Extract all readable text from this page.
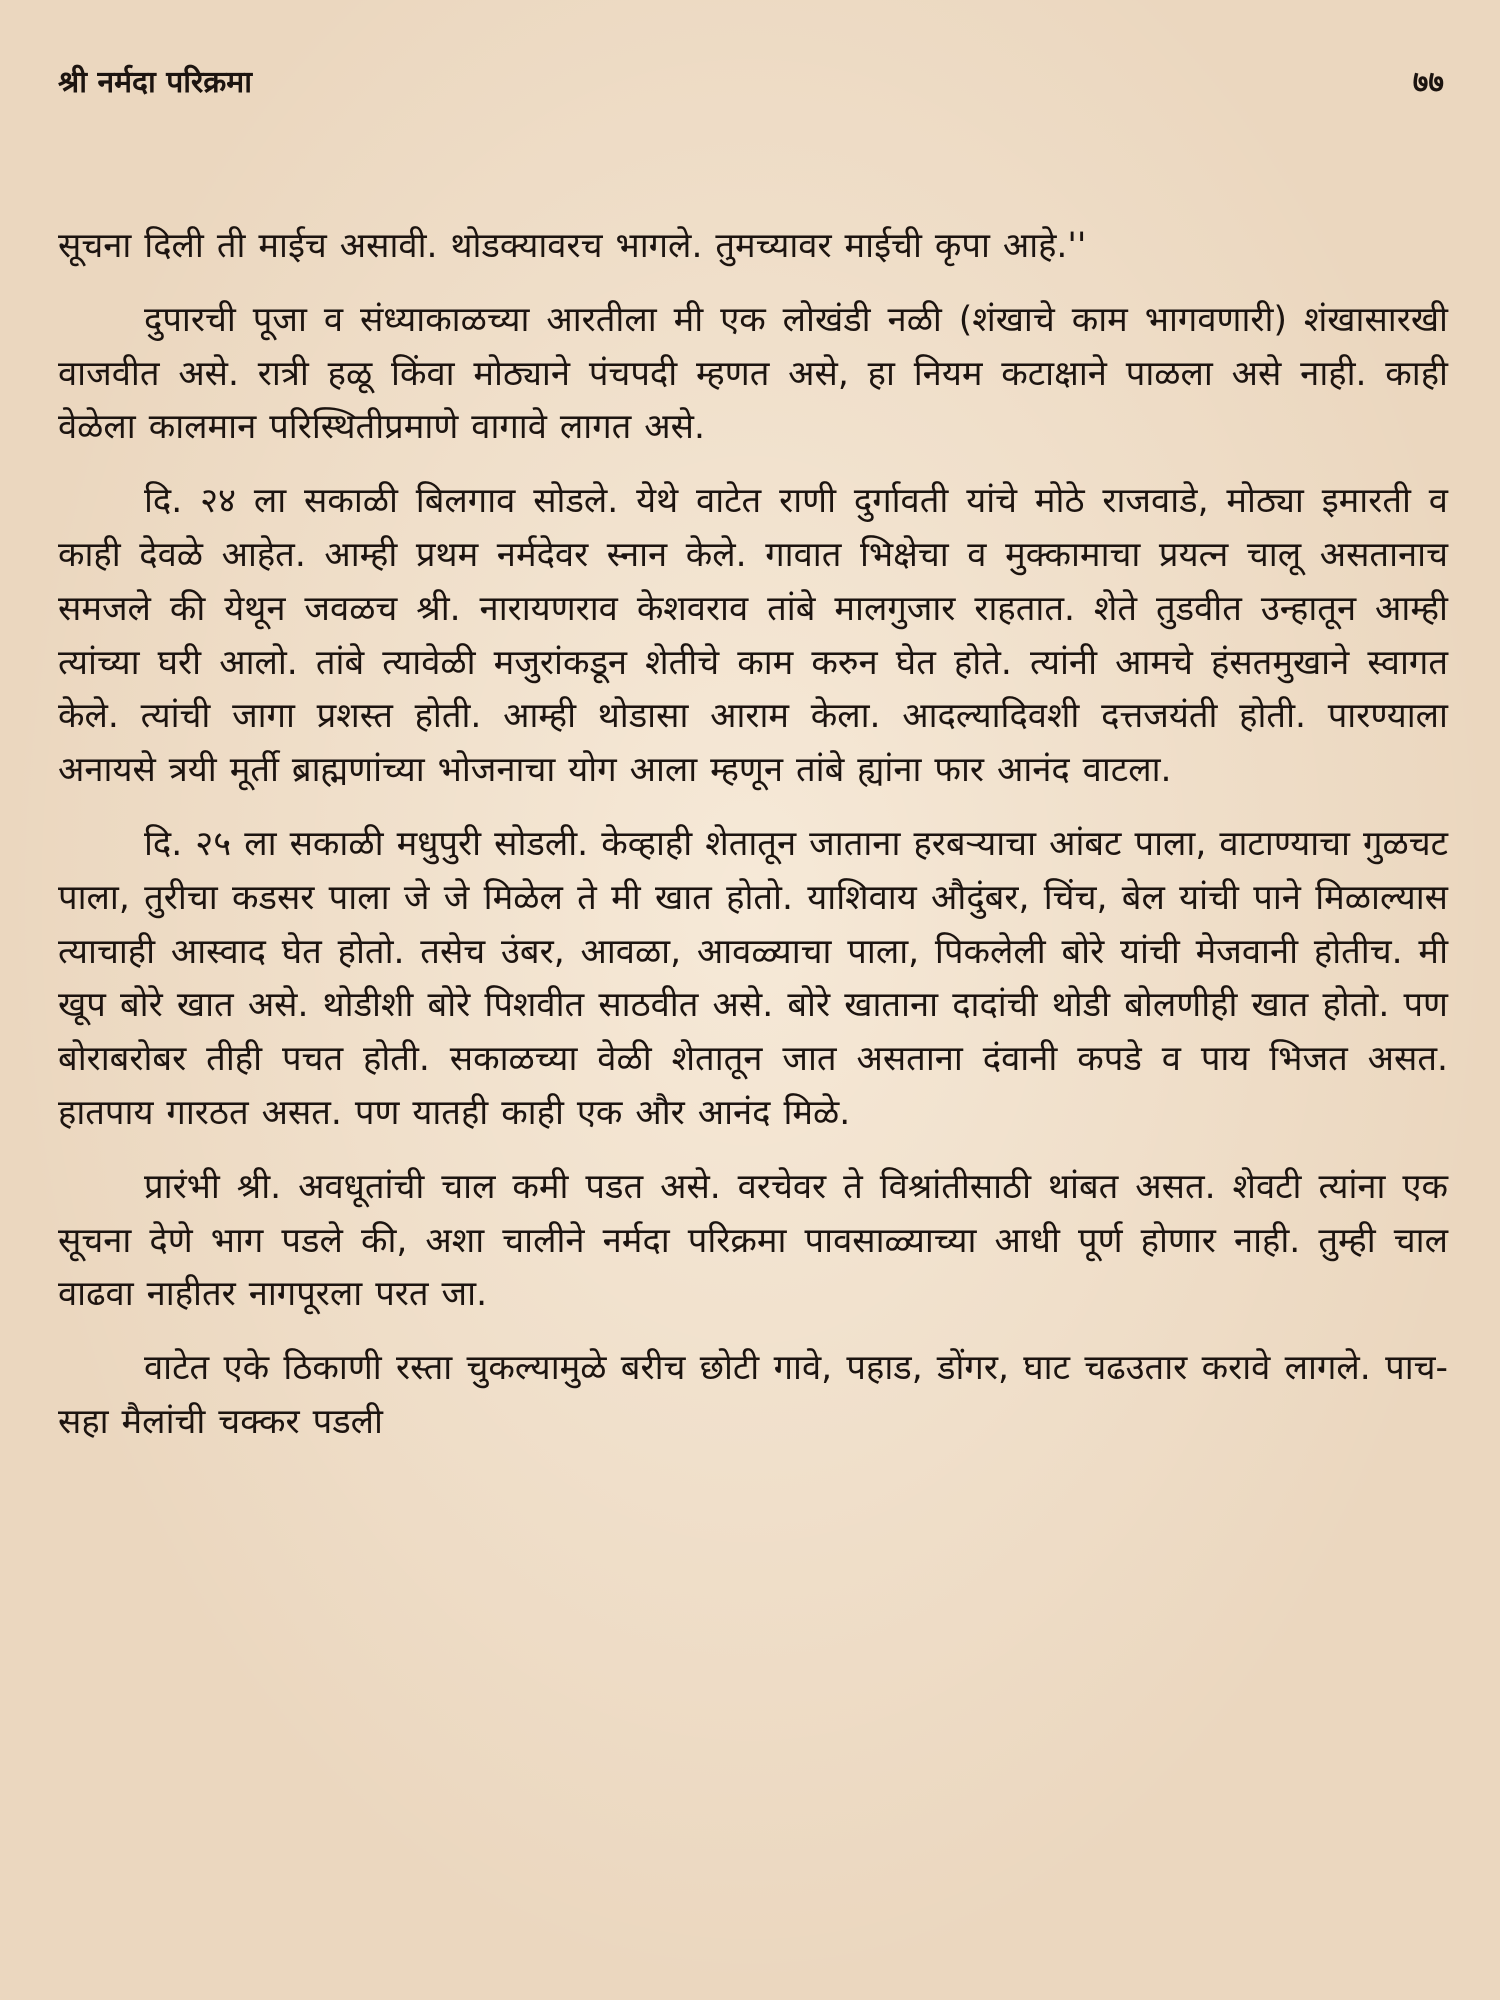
श्री नर्मदा परिक्रमा	७७

सूचना दिली ती माईच असावी. थोडक्यावरच भागले. तुमच्यावर माईची कृपा आहे.''

दुपारची पूजा व संध्याकाळच्या आरतीला मी एक लोखंडी नळी (शंखाचे काम भागवणारी) शंखासारखी वाजवीत असे. रात्री हळू किंवा मोठ्याने पंचपदी म्हणत असे, हा नियम कटाक्षाने पाळला असे नाही. काही वेळेला कालमान परिस्थितीप्रमाणे वागावे लागत असे.

दि. २४ ला सकाळी बिलगाव सोडले. येथे वाटेत राणी दुर्गावती यांचे मोठे राजवाडे, मोठ्या इमारती व काही देवळे आहेत. आम्ही प्रथम नर्मदेवर स्नान केले. गावात भिक्षेचा व मुक्कामाचा प्रयत्न चालू असतानाच समजले की येथून जवळच श्री. नारायणराव केशवराव तांबे मालगुजार राहतात. शेते तुडवीत उन्हातून आम्ही त्यांच्या घरी आलो. तांबे त्यावेळी मजुरांकडून शेतीचे काम करुन घेत होते. त्यांनी आमचे हंसतमुखाने स्वागत केले. त्यांची जागा प्रशस्त होती. आम्ही थोडासा आराम केला. आदल्यादिवशी दत्तजयंती होती. पारण्याला अनायसे त्रयी मूर्ती ब्राह्मणांच्या भोजनाचा योग आला म्हणून तांबे ह्यांना फार आनंद वाटला.

दि. २५ ला सकाळी मधुपुरी सोडली. केव्हाही शेतातून जाताना हरबऱ्याचा आंबट पाला, वाटाण्याचा गुळचट पाला, तुरीचा कडसर पाला जे जे मिळेल ते मी खात होतो. याशिवाय औदुंबर, चिंच, बेल यांची पाने मिळाल्यास त्याचाही आस्वाद घेत होतो. तसेच उंबर, आवळा, आवळ्याचा पाला, पिकलेली बोरे यांची मेजवानी होतीच. मी खूप बोरे खात असे. थोडीशी बोरे पिशवीत साठवीत असे. बोरे खाताना दादांची थोडी बोलणीही खात होतो. पण बोराबरोबर तीही पचत होती. सकाळच्या वेळी शेतातून जात असताना दंवानी कपडे व पाय भिजत असत. हातपाय गारठत असत. पण यातही काही एक और आनंद मिळे.

प्रारंभी श्री. अवधूतांची चाल कमी पडत असे. वरचेवर ते विश्रांतीसाठी थांबत असत. शेवटी त्यांना एक सूचना देणे भाग पडले की, अशा चालीने नर्मदा परिक्रमा पावसाळ्याच्या आधी पूर्ण होणार नाही. तुम्ही चाल वाढवा नाहीतर नागपूरला परत जा.

वाटेत एके ठिकाणी रस्ता चुकल्यामुळे बरीच छोटी गावे, पहाड, डोंगर, घाट चढउतार करावे लागले. पाच-सहा मैलांची चक्कर पडली
